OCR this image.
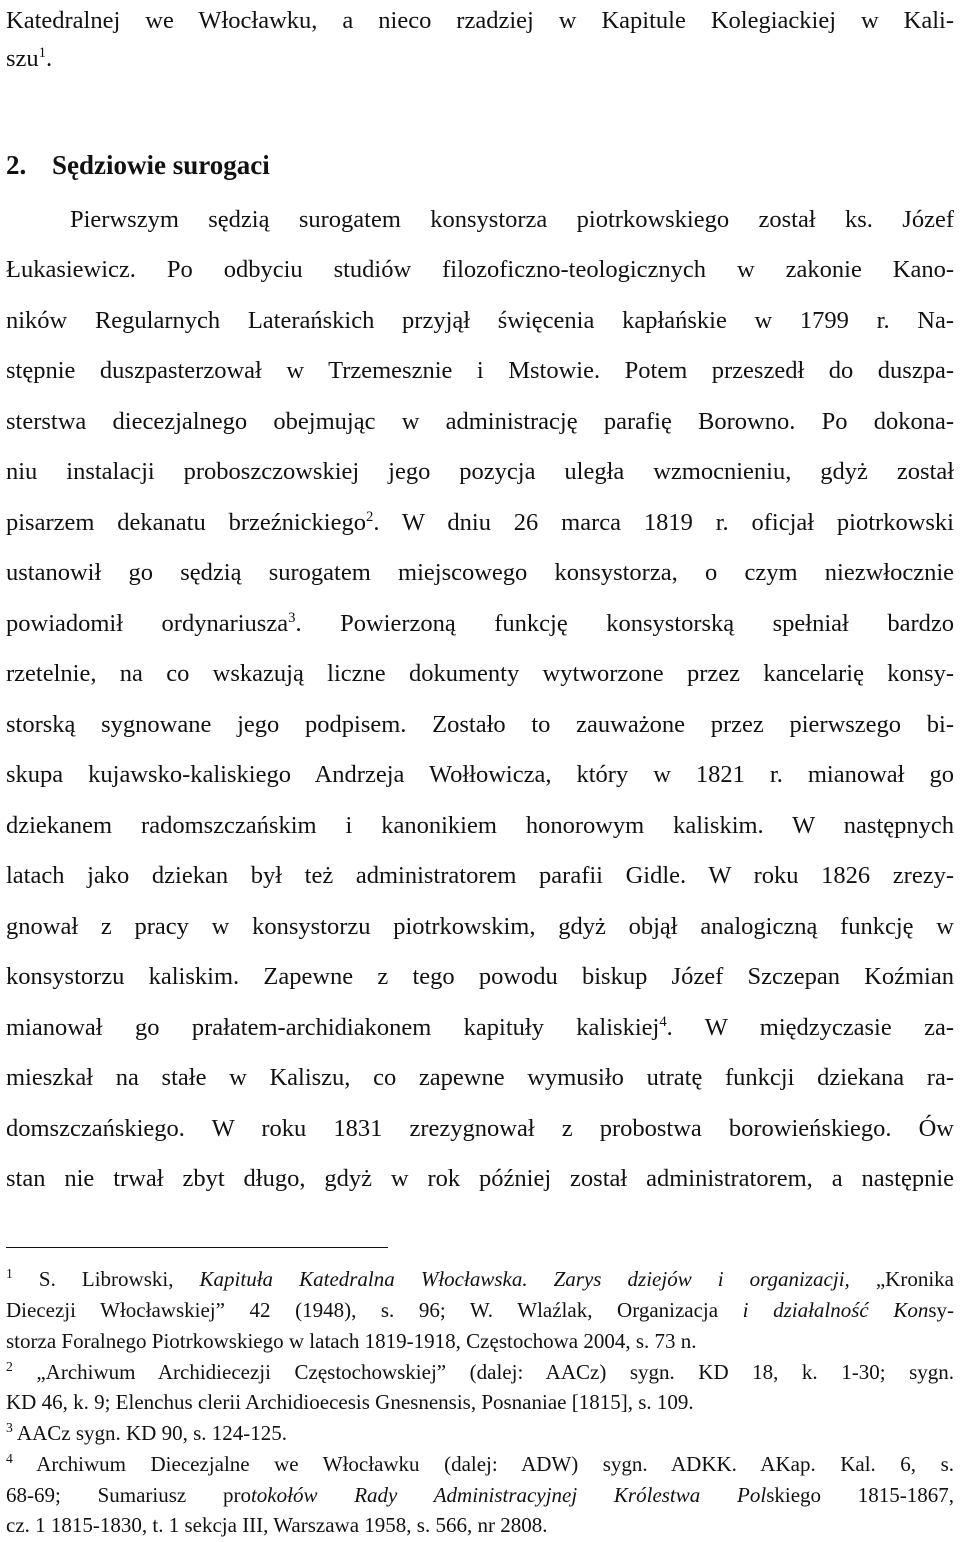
Katedralnej we Włocławku, a nieco rzadziej w Kapitule Kolegiackiej w Kali-
szu$^1$.
2. Sędziowie surogaci
Pierwszym sędzią surogatem konsystorza piotrkowskiego został ks. Józef
Łukasiewicz. Po odbyciu studiów filozoficzno-teologicznych w zakonie Kano-
ników Regularnych Laterańskich przyjął święcenia kapłańskie w 1799 r. Na-
stępnie duszpasterzował w Trzemesznie i Mstowie. Potem przeszedł do duszpa-
sterstwa diecezjalnego obejmując w administrację parafię Borowno. Po dokona-
niu instalacji proboszczowskiej jego pozycja uległa wzmocnieniu, gdyż został
pisarzem dekanatu brzeźnickiego$^2$. W dniu 26 marca 1819 r. oficjał piotrkowski
ustanowił go sędzią surogatem miejscowego konsystorza, o czym niezwłocznie
powiadomił ordynariusza$^3$. Powierzoną funkcję konsystorską spełniał bardzo
rzetelnie, na co wskazują liczne dokumenty wytworzone przez kancelarię konsy-
storską sygnowane jego podpisem. Zostało to zauważone przez pierwszego bi-
skupa kujawsko-kaliskiego Andrzeja Wołłowicza, który w 1821 r. mianował go
dziekanem radomszczańskim i kanonikiem honorowym kaliskim. W następnych
latach jako dziekan był też administratorem parafii Gidle. W roku 1826 zrezy-
gnował z pracy w konsystorzu piotrkowskim, gdyż objął analogiczną funkcję w
konsystorzu kaliskim. Zapewne z tego powodu biskup Józef Szczepan Koźmian
mianował go prałatem-archidiakonem kapituły kaliskiej$^4$. W międzyczasie za-
mieszkał na stałe w Kaliszu, co zapewne wymusiło utratę funkcji dziekana ra-
domszczańskiego. W roku 1831 zrezygnował z probostwa borowieńskiego. Ów
stan nie trwał zbyt długo, gdyż w rok później został administratorem, a następnie
$^1$ S. Librowski, Kapituła Katedralna Włocławska. Zarys dziejów i organizacji, „Kronika
Diecezji Włocławskiej” 42 (1948), s. 96; W. Wlaźlak, Organizacja i działalność Konsy-
storza Foralnego Piotrkowskiego w latach 1819-1918, Częstochowa 2004, s. 73 n.
$^2$ „Archiwum Archidiecezji Częstochowskiej” (dalej: AACz) sygn. KD 18, k. 1-30; sygn.
KD 46, k. 9; Elenchus clerii Archidioecesis Gnesnensis, Posnaniae [1815], s. 109.
$^3$ AACz sygn. KD 90, s. 124-125.
$^4$ Archiwum Diecezjalne we Włocławku (dalej: ADW) sygn. ADKK. AKap. Kal. 6, s.
68-69; Sumariusz protokołów Rady Administracyjnej Królestwa Polskiego 1815-1867,
cz. 1 1815-1830, t. 1 sekcja III, Warszawa 1958, s. 566, nr 2808.
